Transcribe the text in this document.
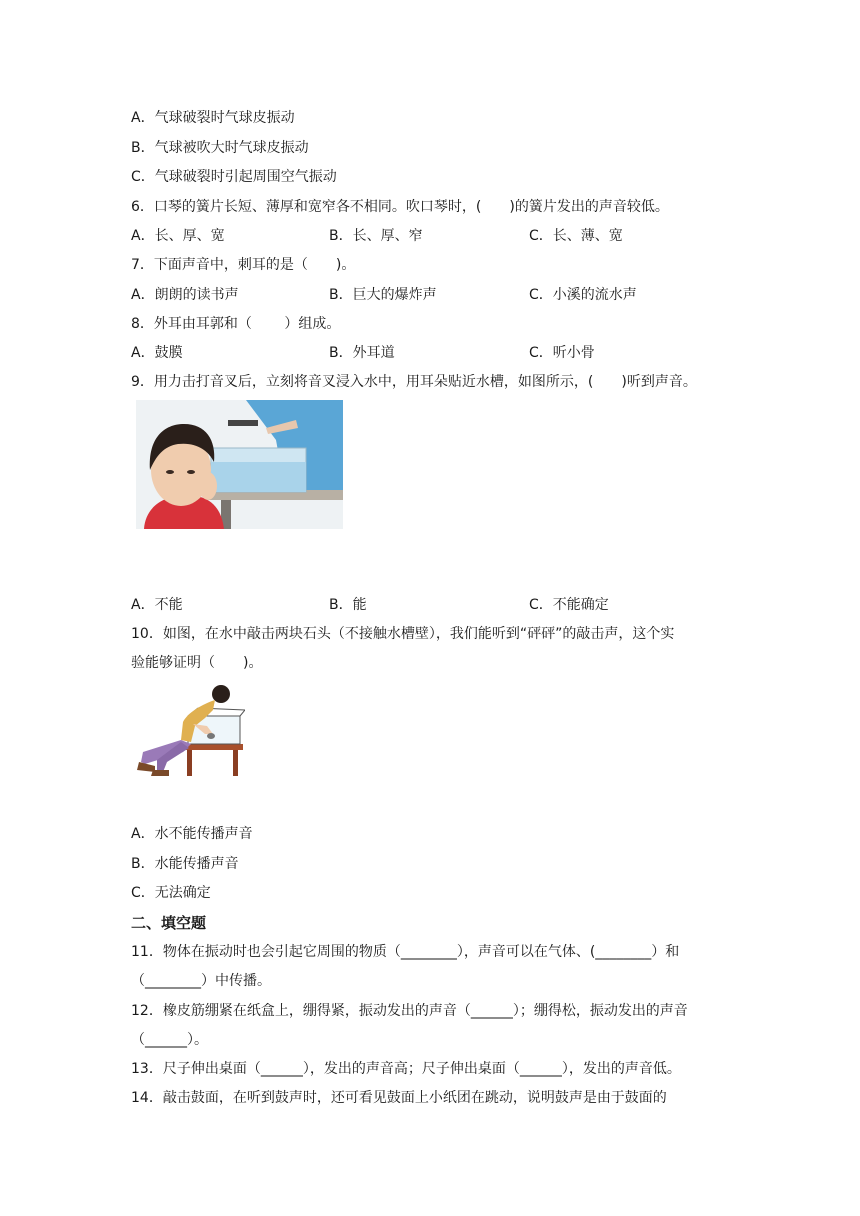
A．气球破裂时气球皮振动
B．气球被吹大时气球皮振动
C．气球破裂时引起周围空气振动
6．口琴的簧片长短、薄厚和宽窄各不相同。吹口琴时，(　　)的簧片发出的声音较低。
A．长、厚、宽	B．长、厚、窄	C．长、薄、宽
7．下面声音中，刺耳的是（　　)。
A．朗朗的读书声	B．巨大的爆炸声	C．小溪的流水声
8．外耳由耳郭和（　　 ）组成。
A．鼓膜	B．外耳道	C．听小骨
9．用力击打音叉后，立刻将音叉浸入水中，用耳朵贴近水槽，如图所示，(　　)听到声音。
A．不能	B．能	C．不能确定
10．如图，在水中敲击两块石头（不接触水槽壁），我们能听到“砰砰”的敲击声，这个实
验能够证明（　　)。
A．水不能传播声音
B．水能传播声音
C．无法确定
二、填空题
11．物体在振动时也会引起它周围的物质（________），声音可以在气体、(________）和
（________）中传播。
12．橡皮筋绷紧在纸盒上，绷得紧，振动发出的声音（______）；绷得松，振动发出的声音
（______）。
13．尺子伸出桌面（______），发出的声音高；尺子伸出桌面（______），发出的声音低。
14．敲击鼓面，在听到鼓声时，还可看见鼓面上小纸团在跳动，说明鼓声是由于鼓面的
